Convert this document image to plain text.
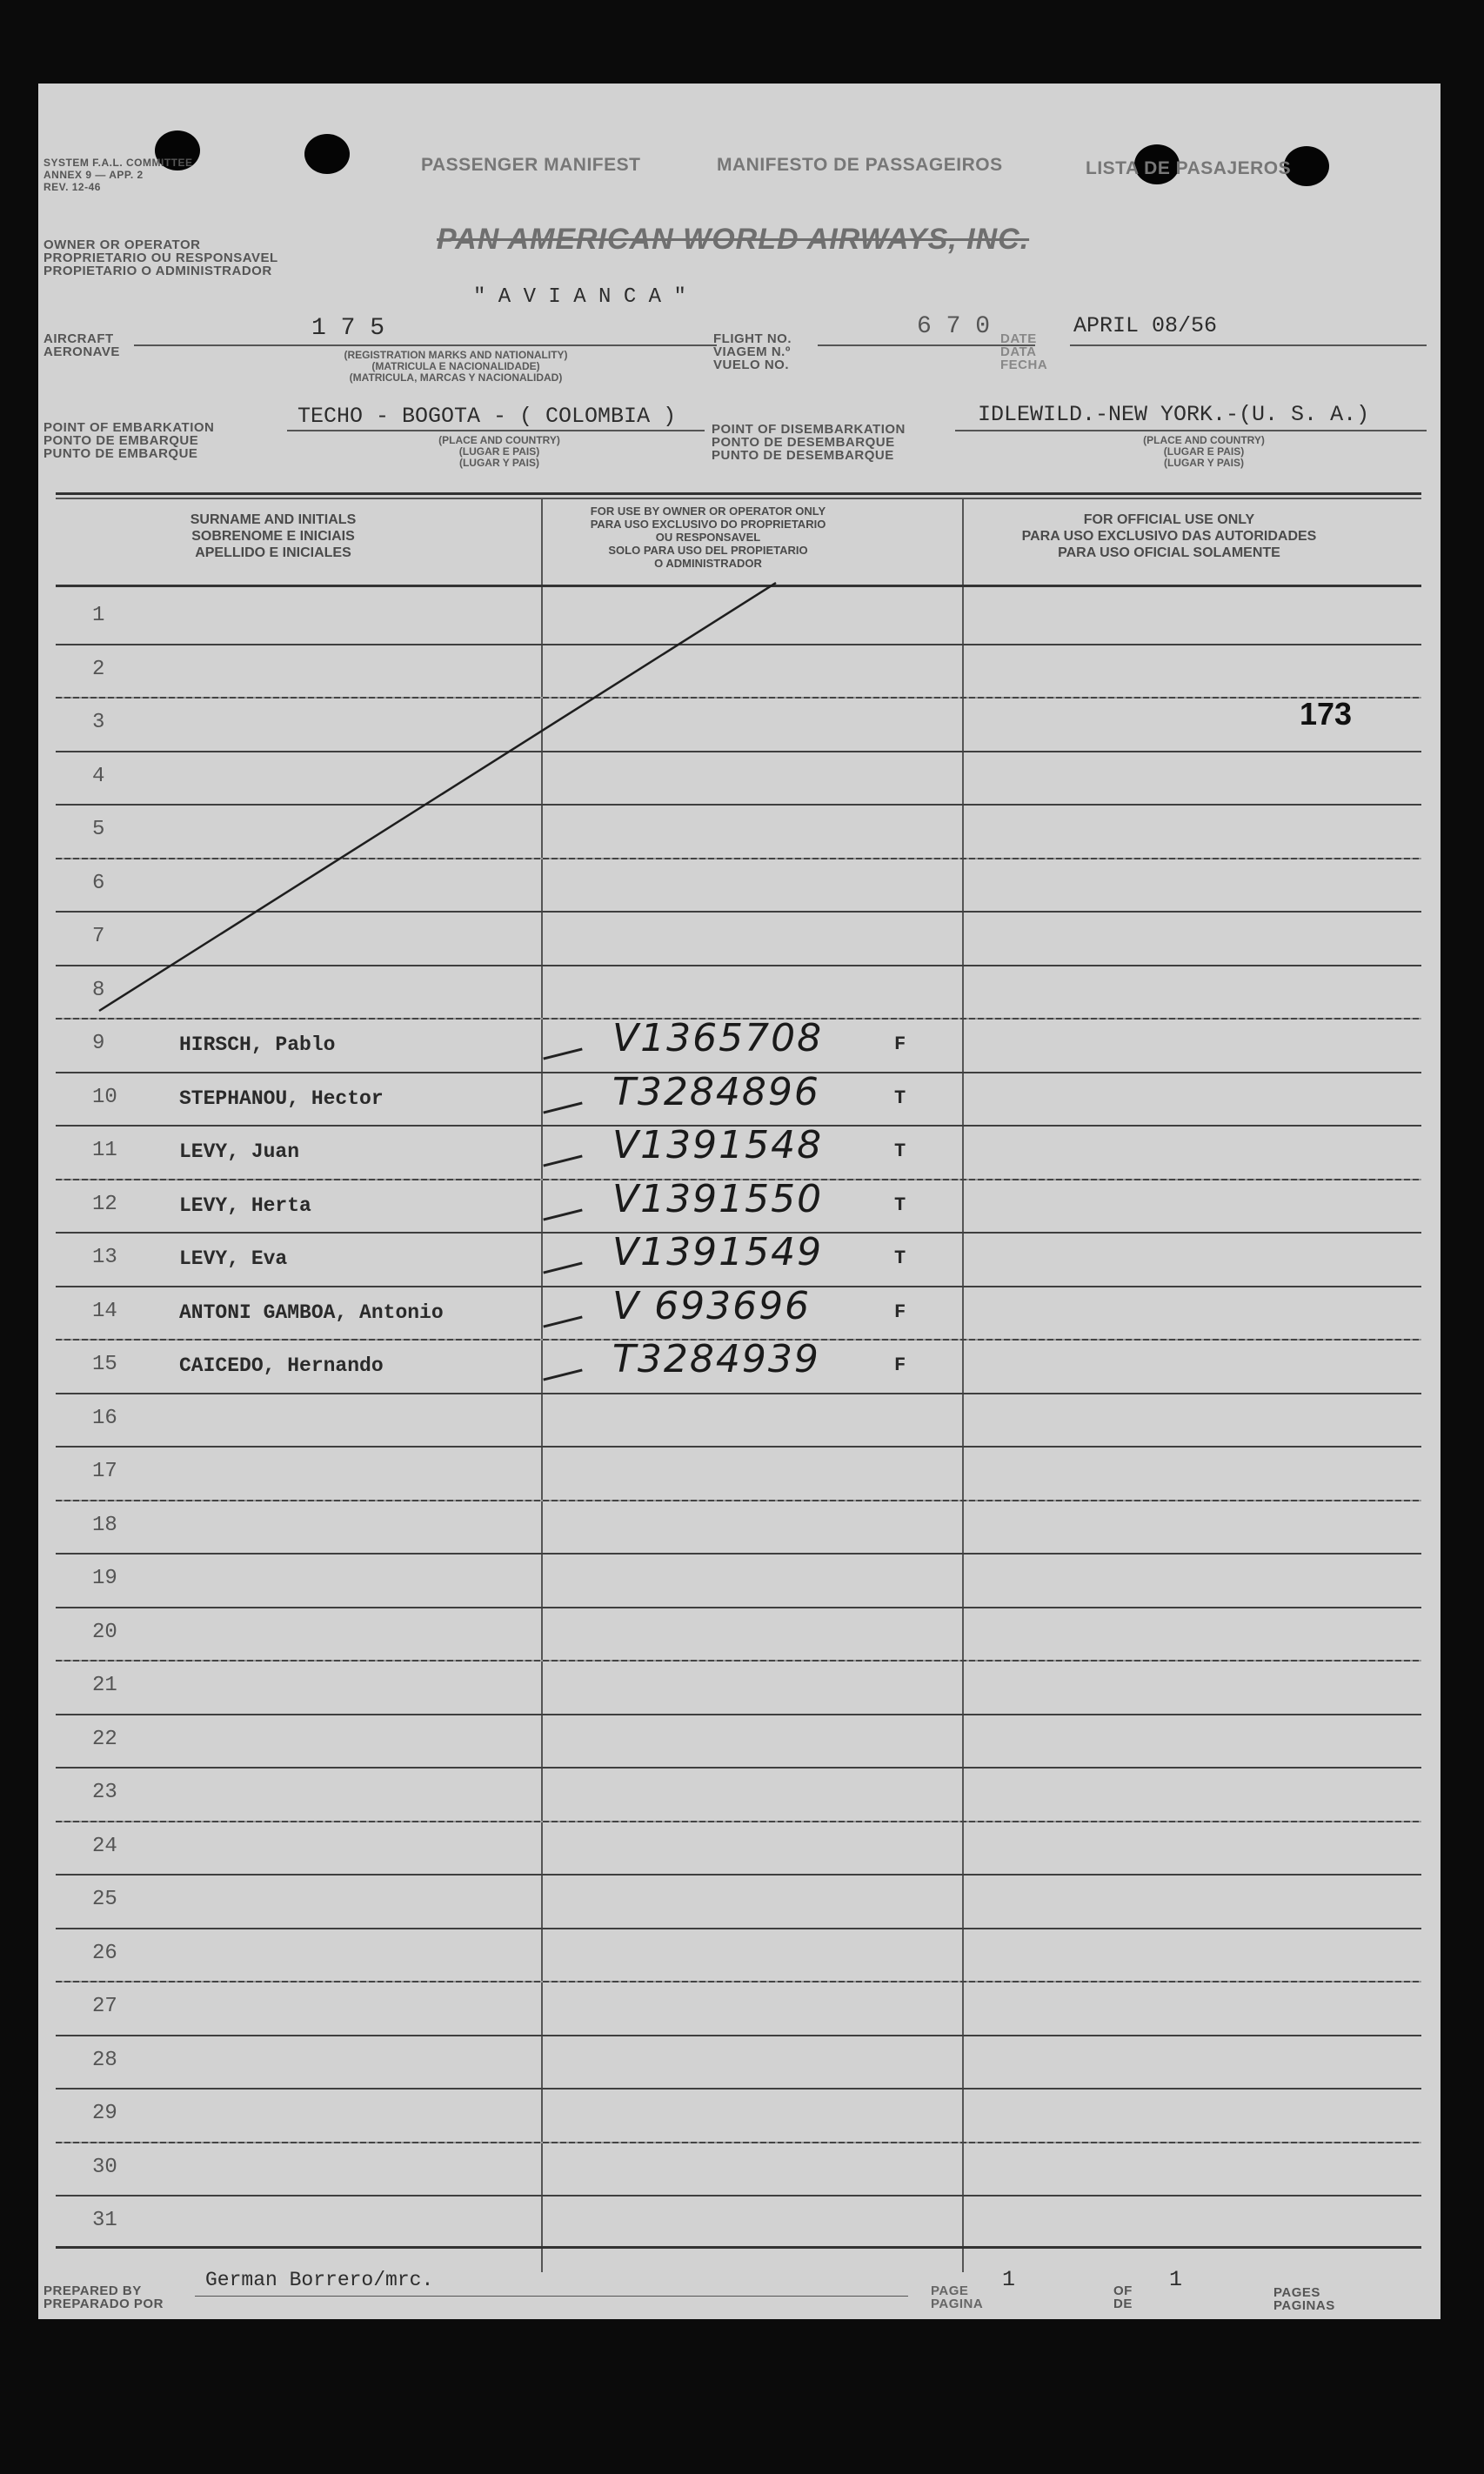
SYSTEM F.A.L. COMMITTEE
ANNEX 9 — APP. 2
REV. 12-46
PASSENGER MANIFEST	MANIFESTO DE PASSAGEIROS	LISTA DE PASAJEROS
OWNER OR OPERATOR
PROPRIETARIO OU RESPONSAVEL
PROPIETARIO O ADMINISTRADOR
PAN AMERICAN WORLD AIRWAYS, INC.
" A V I A N C A "
AIRCRAFT
AERONAVE
1 7 5
(REGISTRATION MARKS AND NATIONALITY)
(MATRICULA E NACIONALIDADE)
(MATRICULA, MARCAS Y NACIONALIDAD)
FLIGHT NO.
VIAGEM N.º
VUELO NO.
6 7 0 DATE
DATA
FECHA
APRIL 08/56
POINT OF EMBARKATION
PONTO DE EMBARQUE
PUNTO DE EMBARQUE
TECHO - BOGOTA - ( COLOMBIA )
(PLACE AND COUNTRY)
(LUGAR E PAIS)
(LUGAR Y PAIS)
POINT OF DISEMBARKATION
PONTO DE DESEMBARQUE
PUNTO DE DESEMBARQUE
IDLEWILD.-NEW YORK.-(U. S. A.)
(PLACE AND COUNTRY)
(LUGAR E PAIS)
(LUGAR Y PAIS)
SURNAME AND INITIALS
SOBRENOME E INICIAIS
APELLIDO E INICIALES
FOR USE BY OWNER OR OPERATOR ONLY
PARA USO EXCLUSIVO DO PROPRIETARIO
OU RESPONSAVEL
SOLO PARA USO DEL PROPIETARIO
O ADMINISTRADOR
FOR OFFICIAL USE ONLY
PARA USO EXCLUSIVO DAS AUTORIDADES
PARA USO OFICIAL SOLAMENTE
1
2
3
4
5
6
7
8
9	HIRSCH, Pablo	V1365708	F
10	STEPHANOU, Hector	T3284896	T
11	LEVY, Juan	V1391548	T
12	LEVY, Herta	V1391550	T
13	LEVY, Eva	V1391549	T
14	ANTONI GAMBOA, Antonio	V 693696	F
15	CAICEDO, Hernando	T3284939	F
16
17
18
19
20
21
22
23
24
25
26
27
28
29
30
31
173
PREPARED BY
PREPARADO POR
German Borrero/mrc.	PAGE
PAGINA
1	OF
DE
1
PAGES
PAGINAS
